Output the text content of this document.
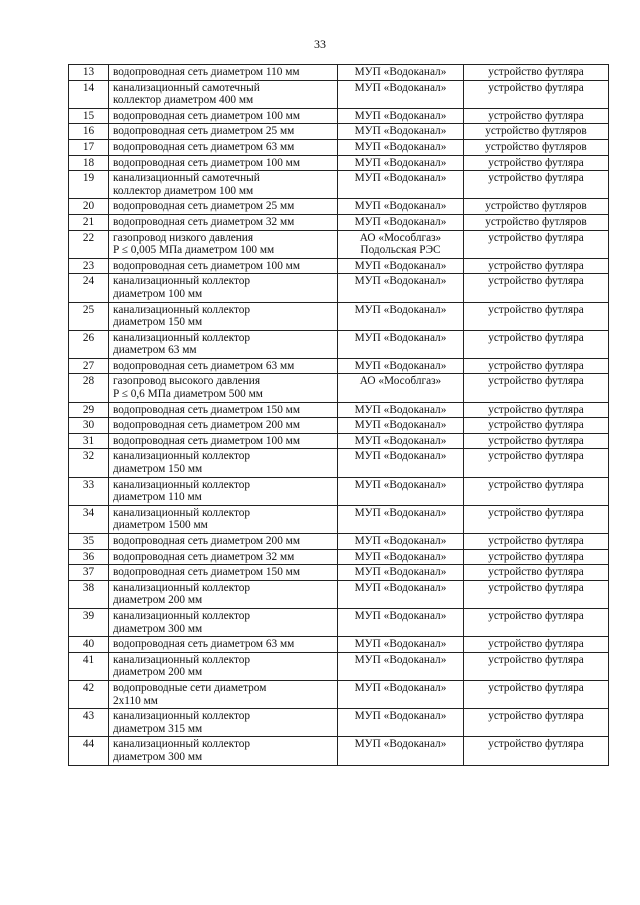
33
13	водопроводная сеть диаметром 110 мм	МУП «Водоканал»	устройство футляра
14	канализационный самотечный
коллектор диаметром 400 мм	МУП «Водоканал»	устройство футляра
15	водопроводная сеть диаметром 100 мм	МУП «Водоканал»	устройство футляра
16	водопроводная сеть диаметром 25 мм	МУП «Водоканал»	устройство футляров
17	водопроводная сеть диаметром 63 мм	МУП «Водоканал»	устройство футляров
18	водопроводная сеть диаметром 100 мм	МУП «Водоканал»	устройство футляра
19	канализационный самотечный
коллектор диаметром 100 мм	МУП «Водоканал»	устройство футляра
20	водопроводная сеть диаметром 25 мм	МУП «Водоканал»	устройство футляров
21	водопроводная сеть диаметром 32 мм	МУП «Водоканал»	устройство футляров
22	газопровод низкого давления
P ≤ 0,005 МПа диаметром 100 мм	АО «Мособлгаз»
Подольская РЭС	устройство футляра
23	водопроводная сеть диаметром 100 мм	МУП «Водоканал»	устройство футляра
24	канализационный коллектор
диаметром 100 мм	МУП «Водоканал»	устройство футляра
25	канализационный коллектор
диаметром 150 мм	МУП «Водоканал»	устройство футляра
26	канализационный коллектор
диаметром 63 мм	МУП «Водоканал»	устройство футляра
27	водопроводная сеть диаметром 63 мм	МУП «Водоканал»	устройство футляра
28	газопровод высокого давления
P ≤ 0,6 МПа диаметром 500 мм	АО «Мособлгаз»	устройство футляра
29	водопроводная сеть диаметром 150 мм	МУП «Водоканал»	устройство футляра
30	водопроводная сеть диаметром 200 мм	МУП «Водоканал»	устройство футляра
31	водопроводная сеть диаметром 100 мм	МУП «Водоканал»	устройство футляра
32	канализационный коллектор
диаметром 150 мм	МУП «Водоканал»	устройство футляра
33	канализационный коллектор
диаметром 110 мм	МУП «Водоканал»	устройство футляра
34	канализационный коллектор
диаметром 1500 мм	МУП «Водоканал»	устройство футляра
35	водопроводная сеть диаметром 200 мм	МУП «Водоканал»	устройство футляра
36	водопроводная сеть диаметром 32 мм	МУП «Водоканал»	устройство футляра
37	водопроводная сеть диаметром 150 мм	МУП «Водоканал»	устройство футляра
38	канализационный коллектор
диаметром 200 мм	МУП «Водоканал»	устройство футляра
39	канализационный коллектор
диаметром 300 мм	МУП «Водоканал»	устройство футляра
40	водопроводная сеть диаметром 63 мм	МУП «Водоканал»	устройство футляра
41	канализационный коллектор
диаметром 200 мм	МУП «Водоканал»	устройство футляра
42	водопроводные сети диаметром
2х110 мм	МУП «Водоканал»	устройство футляра
43	канализационный коллектор
диаметром 315 мм	МУП «Водоканал»	устройство футляра
44	канализационный коллектор
диаметром 300 мм	МУП «Водоканал»	устройство футляра
